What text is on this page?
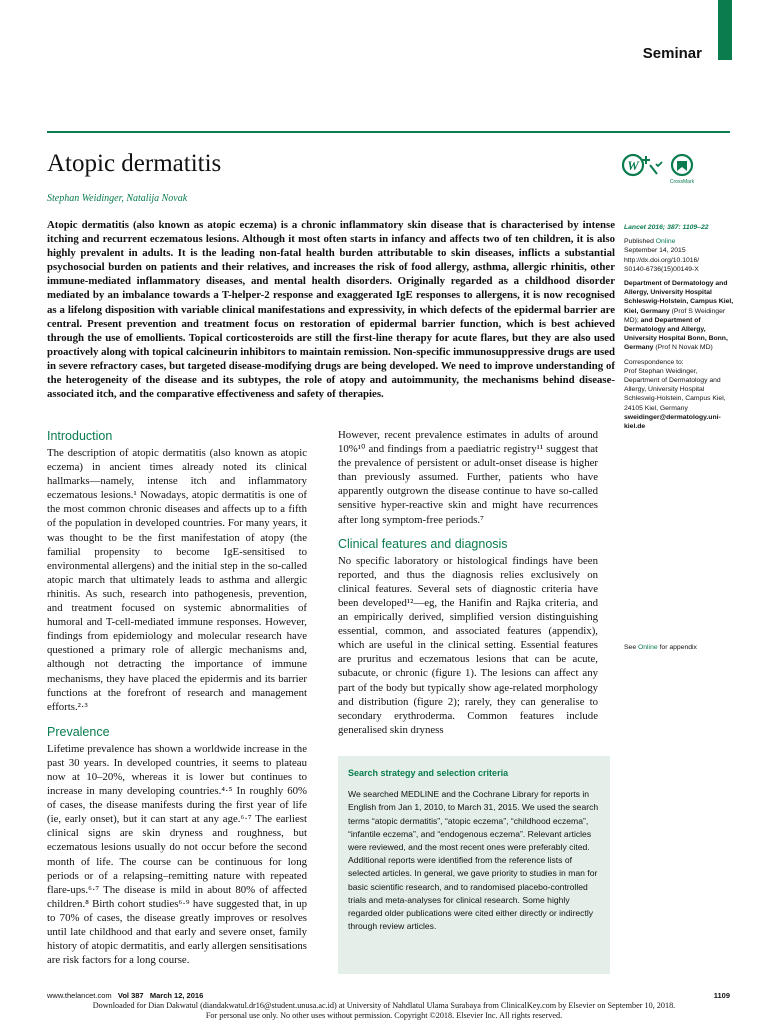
Seminar
Atopic dermatitis
Stephan Weidinger, Natalija Novak
W
CrossMark

Atopic dermatitis (also known as atopic eczema) is a chronic inflammatory skin disease that is characterised by intense itching and recurrent eczematous lesions. Although it most often starts in infancy and affects two of ten children, it is also highly prevalent in adults. It is the leading non-fatal health burden attributable to skin diseases, inflicts a substantial psychosocial burden on patients and their relatives, and increases the risk of food allergy, asthma, allergic rhinitis, other immune-mediated inflammatory diseases, and mental health disorders. Originally regarded as a childhood disorder mediated by an imbalance towards a T-helper-2 response and exaggerated IgE responses to allergens, it is now recognised as a lifelong disposition with variable clinical manifestations and expressivity, in which defects of the epidermal barrier are central. Present prevention and treatment focus on restoration of epidermal barrier function, which is best achieved through the use of emollients. Topical corticosteroids are still the first-line therapy for acute flares, but they are also used proactively along with topical calcineurin inhibitors to maintain remission. Non-specific immunosuppressive drugs are used in severe refractory cases, but targeted disease-modifying drugs are being developed. We need to improve understanding of the heterogeneity of the disease and its subtypes, the role of atopy and autoimmunity, the mechanisms behind disease-associated itch, and the comparative effectiveness and safety of therapies.

Introduction

The description of atopic dermatitis (also known as atopic eczema) in ancient times already noted its clinical hallmarks—namely, intense itch and inflammatory eczematous lesions.¹ Nowadays, atopic dermatitis is one of the most common chronic diseases and affects up to a fifth of the population in developed countries. For many years, it was thought to be the first manifestation of atopy (the familial propensity to become IgE-sensitised to environmental allergens) and the initial step in the so-called atopic march that ultimately leads to asthma and allergic rhinitis. As such, research into pathogenesis, prevention, and treatment focused on systemic abnormalities of humoral and T-cell-mediated immune responses. However, findings from epidemiology and molecular research have questioned a primary role of allergic mechanisms and, although not detracting the importance of immune mechanisms, they have placed the epidermis and its barrier functions at the forefront of research and management efforts.²·³

Prevalence

Lifetime prevalence has shown a worldwide increase in the past 30 years. In developed countries, it seems to plateau now at 10–20%, whereas it is lower but continues to increase in many developing countries.⁴·⁵ In roughly 60% of cases, the disease manifests during the first year of life (ie, early onset), but it can start at any age.⁶·⁷ The earliest clinical signs are skin dryness and roughness, but eczematous lesions usually do not occur before the second month of life. The course can be continuous for long periods or of a relapsing–remitting nature with repeated flare-ups.⁶·⁷ The disease is mild in about 80% of affected children.⁸ Birth cohort studies⁶·⁹ have suggested that, in up to 70% of cases, the disease greatly improves or resolves until late childhood and that early and severe onset, family history of atopic dermatitis, and early allergen sensitisations are risk factors for a long course.

However, recent prevalence estimates in adults of around 10%¹⁰ and findings from a paediatric registry¹¹ suggest that the prevalence of persistent or adult-onset disease is higher than previously assumed. Further, patients who have apparently outgrown the disease continue to have so-called sensitive hyper-reactive skin and might have recurrences after long symptom-free periods.⁷

Clinical features and diagnosis

No specific laboratory or histological findings have been reported, and thus the diagnosis relies exclusively on clinical features. Several sets of diagnostic criteria have been developed¹²—eg, the Hanifin and Rajka criteria, and an empirically derived, simplified version distinguishing essential, common, and associated features (appendix), which are useful in the clinical setting. Essential features are pruritus and eczematous lesions that can be acute, subacute, or chronic (figure 1). The lesions can affect any part of the body but typically show age-related morphology and distribution (figure 2); rarely, they can generalise to secondary erythroderma. Common features include generalised skin dryness

Lancet 2016; 387: 1109–22

Published Online
September 14, 2015
http://dx.doi.org/10.1016/
S0140-6736(15)00149-X

Department of Dermatology and Allergy, University Hospital Schleswig-Holstein, Campus Kiel, Kiel, Germany (Prof S Weidinger MD); and Department of Dermatology and Allergy, University Hospital Bonn, Bonn, Germany (Prof N Novak MD)

Correspondence to:
Prof Stephan Weidinger, Department of Dermatology and Allergy, University Hospital Schleswig-Holstein, Campus Kiel, 24105 Kiel, Germany
sweidinger@dermatology.uni-kiel.de

See Online for appendix
Search strategy and selection criteria

We searched MEDLINE and the Cochrane Library for reports in English from Jan 1, 2010, to March 31, 2015. We used the search terms “atopic dermatitis”, “atopic eczema”, “childhood eczema”, “infantile eczema”, and “endogenous eczema”. Relevant articles were reviewed, and the most recent ones were preferably cited. Additional reports were identified from the reference lists of selected articles. In general, we gave priority to studies in man for basic scientific research, and to randomised placebo-controlled trials and meta-analyses for clinical research. Some highly regarded older publications were cited either directly or indirectly through review articles.

www.thelancet.com Vol 387 March 12, 2016	1109
Downloaded for Dian Dakwatul (diandakwatul.dr16@student.unusa.ac.id) at University of Nahdlatul Ulama Surabaya from ClinicalKey.com by Elsevier on September 10, 2018.
For personal use only. No other uses without permission. Copyright ©2018. Elsevier Inc. All rights reserved.
